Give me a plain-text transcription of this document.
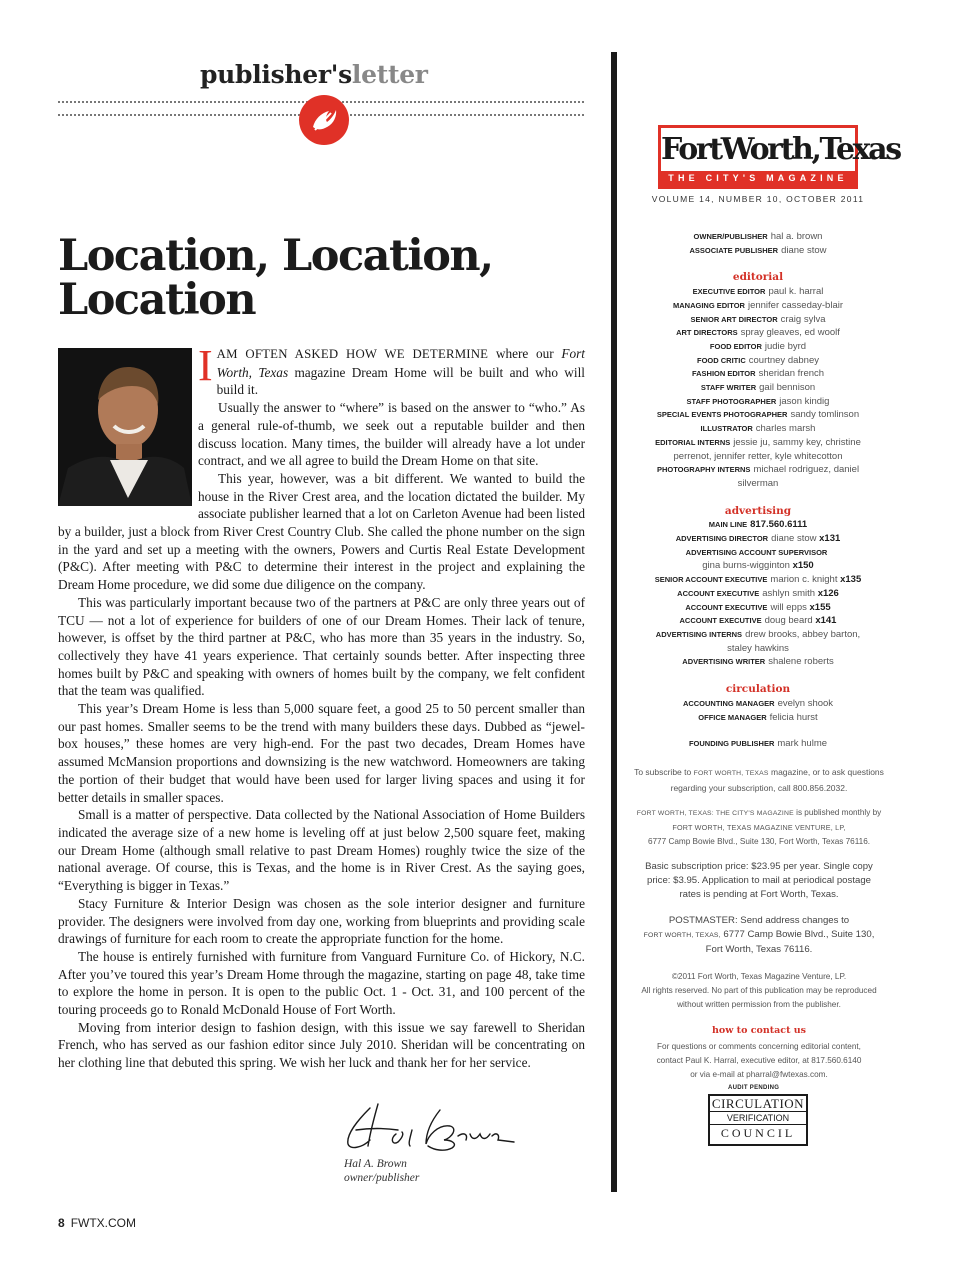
publisher'sletter
Location, Location,
Location

IAM OFTEN ASKED HOW WE DETERMINE where our Fort Worth, Texas magazine Dream Home will be built and who will build it.

Usually the answer to “where” is based on the answer to “who.” As a general rule-of-thumb, we seek out a reputable builder and then discuss location. Many times, the builder will already have a lot under contract, and we all agree to build the Dream Home on that site.

This year, however, was a bit different. We wanted to build the house in the River Crest area, and the location dictated the builder. My associate publisher learned that a lot on Carleton Avenue had been listed by a builder, just a block from River Crest Country Club. She called the phone number on the sign in the yard and set up a meeting with the owners, Powers and Curtis Real Estate Development (P&C). After meeting with P&C to determine their interest in the project and explaining the Dream Home procedure, we did some due diligence on the company.

This was particularly important because two of the partners at P&C are only three years out of TCU — not a lot of experience for builders of one of our Dream Homes. Their lack of tenure, however, is offset by the third partner at P&C, who has more than 35 years in the industry. So, collectively they have 41 years experience. That certainly sounds better. After inspecting three homes built by P&C and speaking with owners of homes built by the company, we felt confident that the team was qualified.

This year’s Dream Home is less than 5,000 square feet, a good 25 to 50 percent smaller than our past homes. Smaller seems to be the trend with many builders these days. Dubbed as “jewel-box houses,” these homes are very high-end. For the past two decades, Dream Homes have assumed McMansion proportions and downsizing is the new watchword. Homeowners are taking the portion of their budget that would have been used for larger living spaces and using it for better details in smaller spaces.

Small is a matter of perspective. Data collected by the National Association of Home Builders indicated the average size of a new home is leveling off at just below 2,500 square feet, making our Dream Home (although small relative to past Dream Homes) roughly twice the size of the national average. Of course, this is Texas, and the home is in River Crest. As the saying goes, “Everything is bigger in Texas.”

Stacy Furniture & Interior Design was chosen as the sole interior designer and furniture provider. The designers were involved from day one, working from blueprints and providing scale drawings of furniture for each room to create the appropriate function for the home.

The house is entirely furnished with furniture from Vanguard Furniture Co. of Hickory, N.C. After you’ve toured this year’s Dream Home through the magazine, starting on page 48, take time to explore the home in person. It is open to the public Oct. 1 - Oct. 31, and 100 percent of the touring proceeds go to Ronald McDonald House of Fort Worth.

Moving from interior design to fashion design, with this issue we say farewell to Sheridan French, who has served as our fashion editor since July 2010. Sheridan will be concentrating on her clothing line that debuted this spring. We wish her luck and thank her for her service.

Hal A. Brown
owner/publisher
8 FWTX.COM
FortWorth,Texas
THE CITY'S MAGAZINE
VOLUME 14, NUMBER 10, OCTOBER 2011
OWNER/PUBLISHER hal a. brown
ASSOCIATE PUBLISHER diane stow
editorial
EXECUTIVE EDITOR paul k. harral
MANAGING EDITOR jennifer casseday-blair
SENIOR ART DIRECTOR craig sylva
ART DIRECTORS spray gleaves, ed woolf
FOOD EDITOR judie byrd
FOOD CRITIC courtney dabney
FASHION EDITOR sheridan french
STAFF WRITER gail bennison
STAFF PHOTOGRAPHER jason kindig
SPECIAL EVENTS PHOTOGRAPHER sandy tomlinson
ILLUSTRATOR charles marsh
EDITORIAL INTERNS jessie ju, sammy key, christine
perrenot, jennifer retter, kyle whitecotton
PHOTOGRAPHY INTERNS michael rodriguez, daniel
silverman
advertising
MAIN LINE 817.560.6111
ADVERTISING DIRECTOR diane stow x131
ADVERTISING ACCOUNT SUPERVISOR
gina burns-wigginton x150
SENIOR ACCOUNT EXECUTIVE marion c. knight x135
ACCOUNT EXECUTIVE ashlyn smith x126
ACCOUNT EXECUTIVE will epps x155
ACCOUNT EXECUTIVE doug beard x141
ADVERTISING INTERNS drew brooks, abbey barton,
staley hawkins
ADVERTISING WRITER shalene roberts
circulation
ACCOUNTING MANAGER evelyn shook
OFFICE MANAGER felicia hurst
FOUNDING PUBLISHER mark hulme
To subscribe to FORT WORTH, TEXAS magazine, or to ask questions
regarding your subscription, call 800.856.2032.
FORT WORTH, TEXAS: THE CITY'S MAGAZINE is published monthly by
FORT WORTH, TEXAS MAGAZINE VENTURE, LP,
6777 Camp Bowie Blvd., Suite 130, Fort Worth, Texas 76116.
Basic subscription price: $23.95 per year. Single copy
price: $3.95. Application to mail at periodical postage
rates is pending at Fort Worth, Texas.
POSTMASTER: Send address changes to
FORT WORTH, TEXAS, 6777 Camp Bowie Blvd., Suite 130,
Fort Worth, Texas 76116.
©2011 Fort Worth, Texas Magazine Venture, LP.
All rights reserved. No part of this publication may be reproduced
without written permission from the publisher.
how to contact us
For questions or comments concerning editorial content,
contact Paul K. Harral, executive editor, at 817.560.6140
or via e-mail at pharral@fwtexas.com.
AUDIT PENDING
CIRCULATION
VERIFICATION
COUNCIL
